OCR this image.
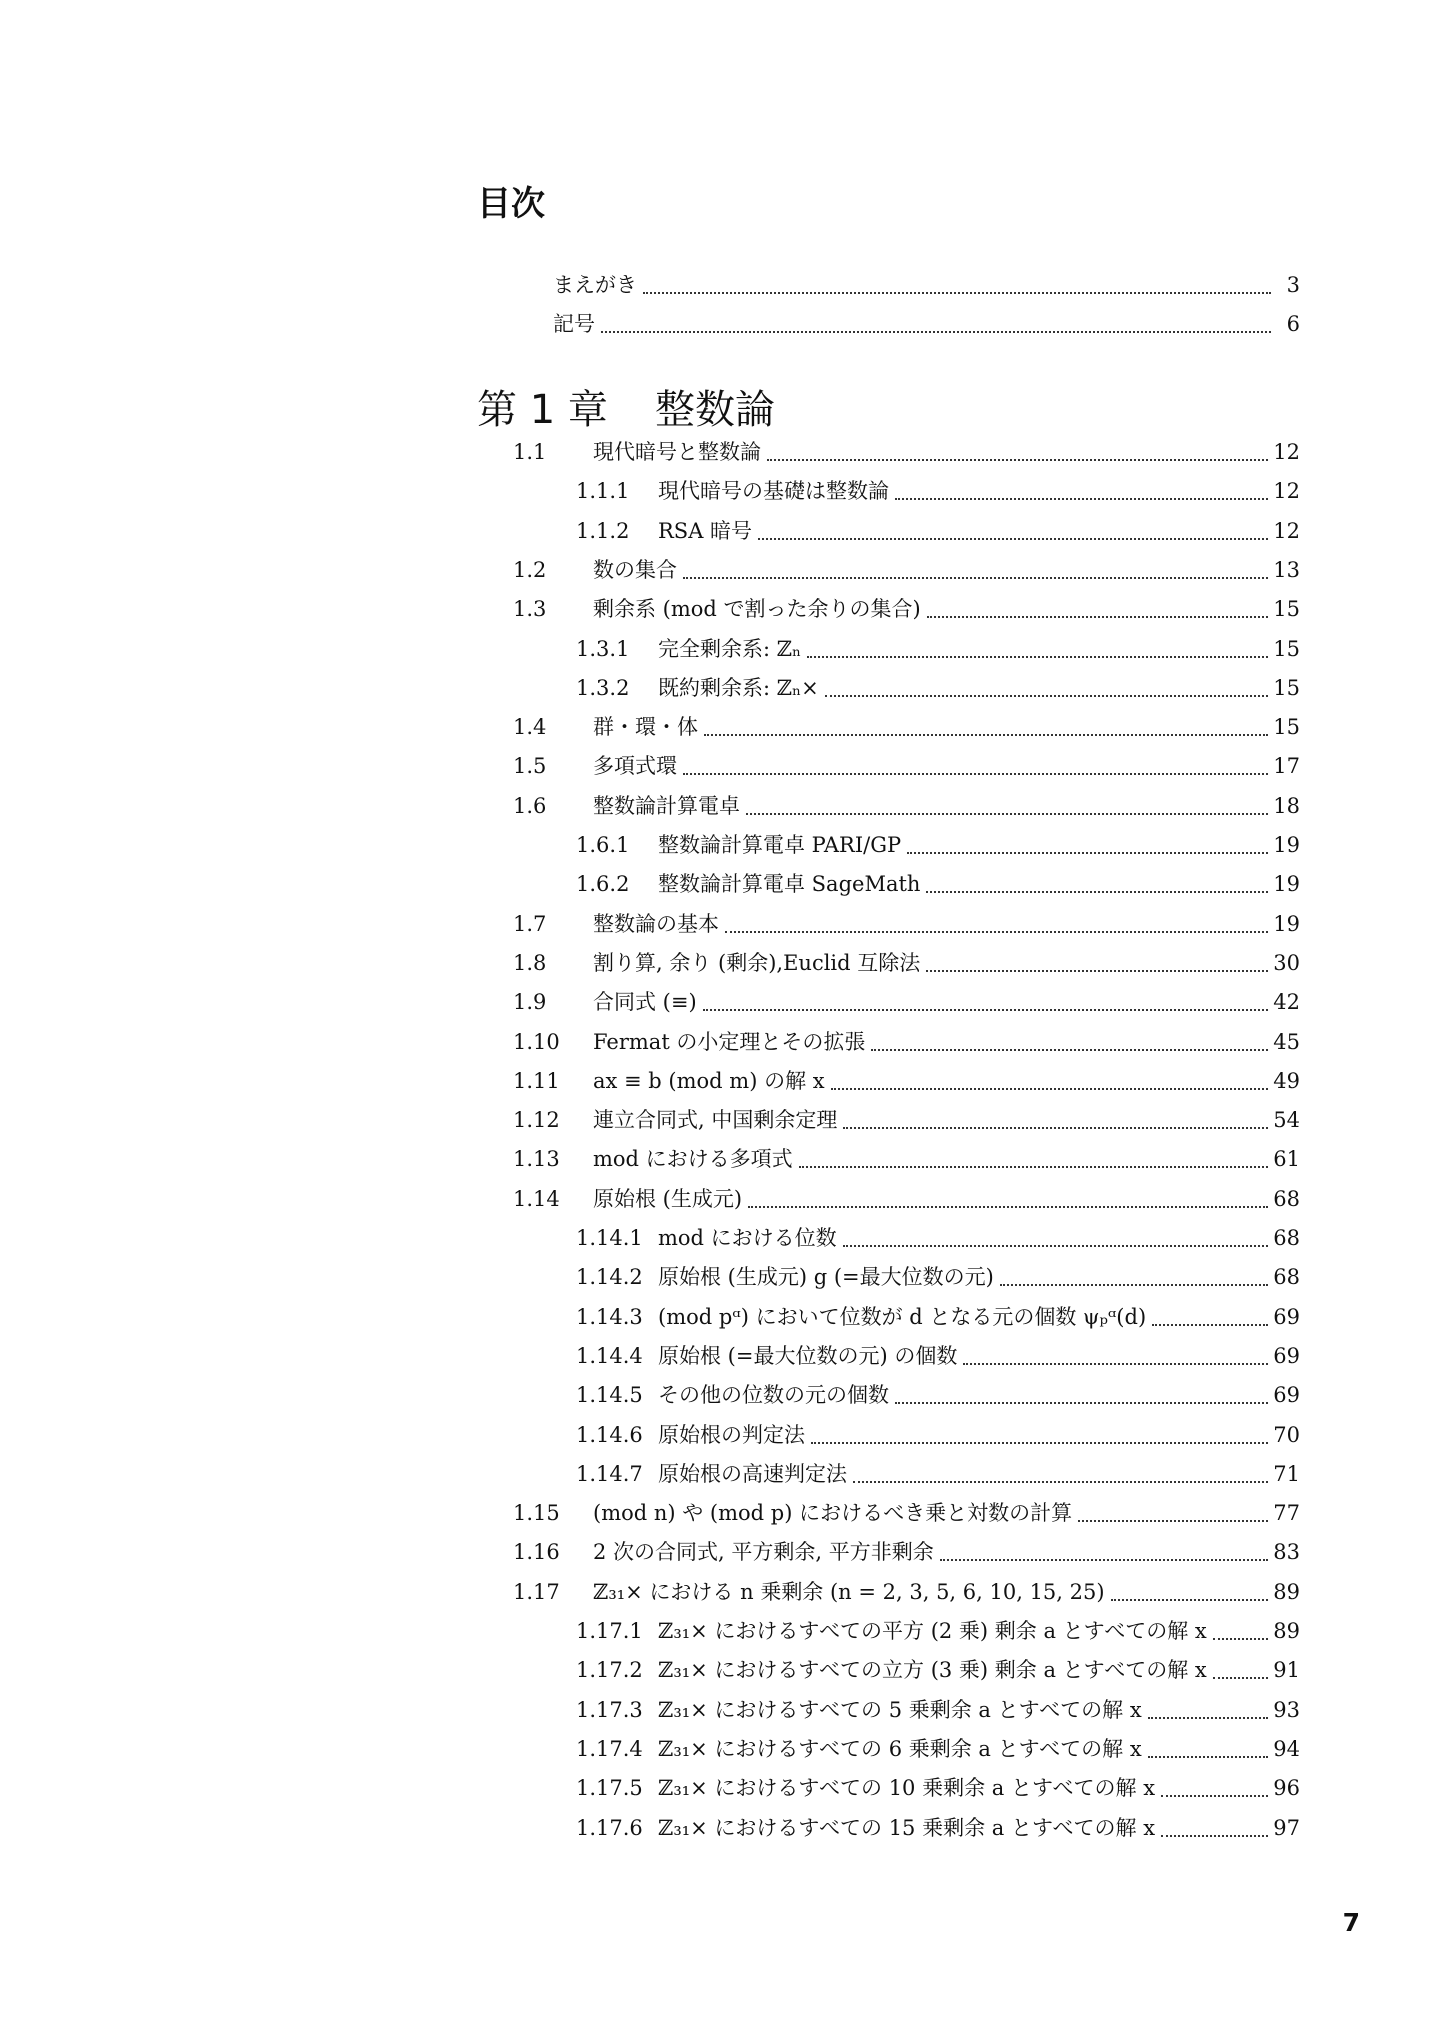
目次
第 1 章 整数論
まえがき	3
記号	6
1.1	現代暗号と整数論	12
1.1.1	現代暗号の基礎は整数論	12
1.1.2	RSA 暗号	12
1.2	数の集合	13
1.3	剰余系 (mod で割った余りの集合)	15
1.3.1	完全剰余系: ℤₙ	15
1.3.2	既約剰余系: ℤₙ×	15
1.4	群・環・体	15
1.5	多項式環	17
1.6	整数論計算電卓	18
1.6.1	整数論計算電卓 PARI/GP	19
1.6.2	整数論計算電卓 SageMath	19
1.7	整数論の基本	19
1.8	割り算, 余り (剰余),Euclid 互除法	30
1.9	合同式 (≡)	42
1.10	Fermat の小定理とその拡張	45
1.11	ax ≡ b (mod m) の解 x	49
1.12	連立合同式, 中国剰余定理	54
1.13	mod における多項式	61
1.14	原始根 (生成元)	68
1.14.1 mod における位数	68
1.14.2 原始根 (生成元) g (=最大位数の元)	68
1.14.3 (mod pᵅ) において位数が d となる元の個数 ψₚᵅ(d)	69
1.14.4 原始根 (=最大位数の元) の個数	69
1.14.5 その他の位数の元の個数	69
1.14.6 原始根の判定法	70
1.14.7 原始根の高速判定法	71
1.15	(mod n) や (mod p) におけるべき乗と対数の計算	77
1.16	2 次の合同式, 平方剰余, 平方非剰余	83
1.17	ℤ₃₁× における n 乗剰余 (n = 2, 3, 5, 6, 10, 15, 25)	89
1.17.1 ℤ₃₁× におけるすべての平方 (2 乗) 剰余 a とすべての解 x	89
1.17.2 ℤ₃₁× におけるすべての立方 (3 乗) 剰余 a とすべての解 x	91
1.17.3 ℤ₃₁× におけるすべての 5 乗剰余 a とすべての解 x	93
1.17.4 ℤ₃₁× におけるすべての 6 乗剰余 a とすべての解 x	94
1.17.5 ℤ₃₁× におけるすべての 10 乗剰余 a とすべての解 x	96
1.17.6 ℤ₃₁× におけるすべての 15 乗剰余 a とすべての解 x	97
7
